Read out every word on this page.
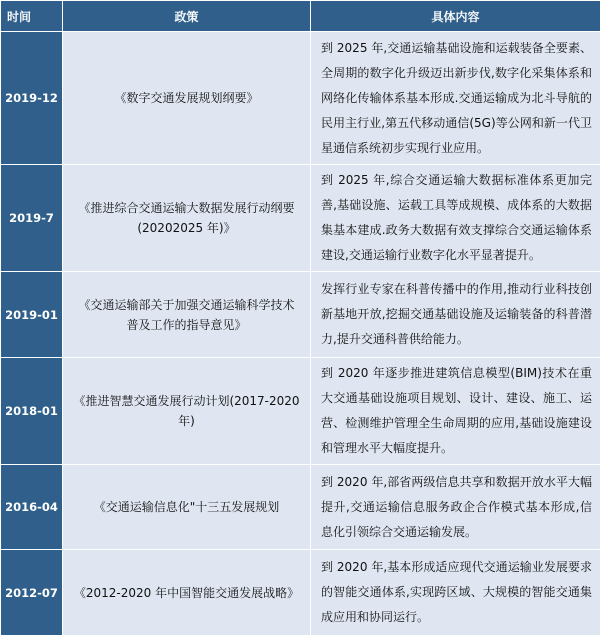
时间	政策	具体内容
2019-12	《数字交通发展规划纲要》	到 2025 年,交通运输基础设施和运载装备全要素、全周期的数字化升级迈出新步伐,数字化采集体系和网络化传输体系基本形成.交通运输成为北斗导航的民用主行业,第五代移动通信(5G)等公网和新一代卫星通信系统初步实现行业应用。
2019-7	《推进综合交通运输大数据发展行动纲要(20202025 年)》	到 2025 年,综合交通运输大数据标准体系更加完善,基础设施、运载工具等成规模、成体系的大数据集基本建成.政务大数据有效支撑综合交通运输体系建设,交通运输行业数字化水平显著提升。
2019-01	《交通运输部关于加强交通运输科学技术普及工作的指导意见》	发挥行业专家在科普传播中的作用,推动行业科技创新基地开放,挖掘交通基础设施及运输装备的科普潜力,提升交通科普供给能力。
2018-01	《推进智慧交通发展行动计划(2017-2020 年)	到 2020 年逐步推进建筑信息模型(BIM)技术在重大交通基础设施项目规划、设计、建设、施工、运营、检测维护管理全生命周期的应用,基础设施建设和管理水平大幅度提升。
2016-04	《交通运输信息化"十三五发展规划	到 2020 年,部省两级信息共享和数据开放水平大幅提升,交通运输信息服务政企合作模式基本形成,信息化引领综合交通运输发展。
2012-07	《2012-2020 年中国智能交通发展战略》	到 2020 年,基本形成适应现代交通运输业发展要求的智能交通体系,实现跨区域、大规模的智能交通集成应用和协同运行。
